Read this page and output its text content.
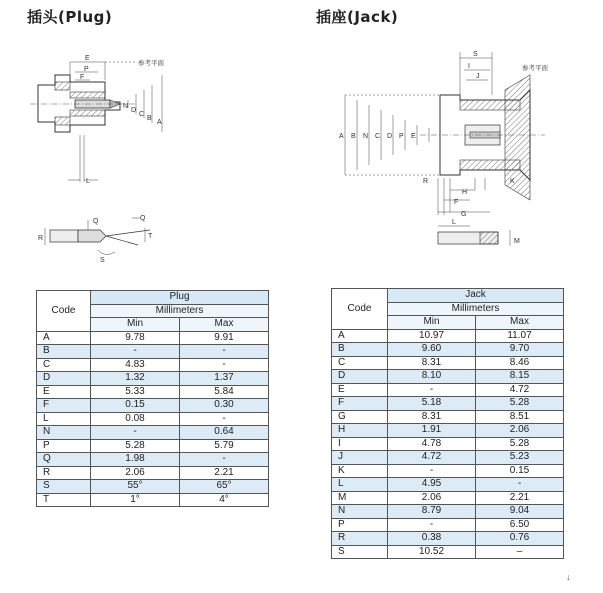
插头(Plug)	插座(Jack)
E
P
F
参考平面
N
D
C
B
A
L
R
Q	Q
S
T
S
I
J
参考平面
A B N C D P E
R
H
F
G
K
L
M
Code	Plug	
	Millimeters	
	Min	Max
A	9.78	9.91
B	-	-
C	4.83	-
D	1.32	1.37
E	5.33	5.84
F	0.15	0.30
L	0.08	-
N	-	0.64
P	5.28	5.79
Q	1.98	-
R	2.06	2.21
S	55°	65°
T	1°	4°
Code	Jack	
	Millimeters	
	Min	Max
A	10.97	11.07
B	9.60	9.70
C	8.31	8.46
D	8.10	8.15
E	-	4.72
F	5.18	5.28
G	8.31	8.51
H	1.91	2.06
I	4.78	5.28
J	4.72	5.23
K	-	0.15
L	4.95	-
M	2.06	2.21
N	8.79	9.04
P	-	6.50
R	0.38	0.76
S	10.52	–
↓
